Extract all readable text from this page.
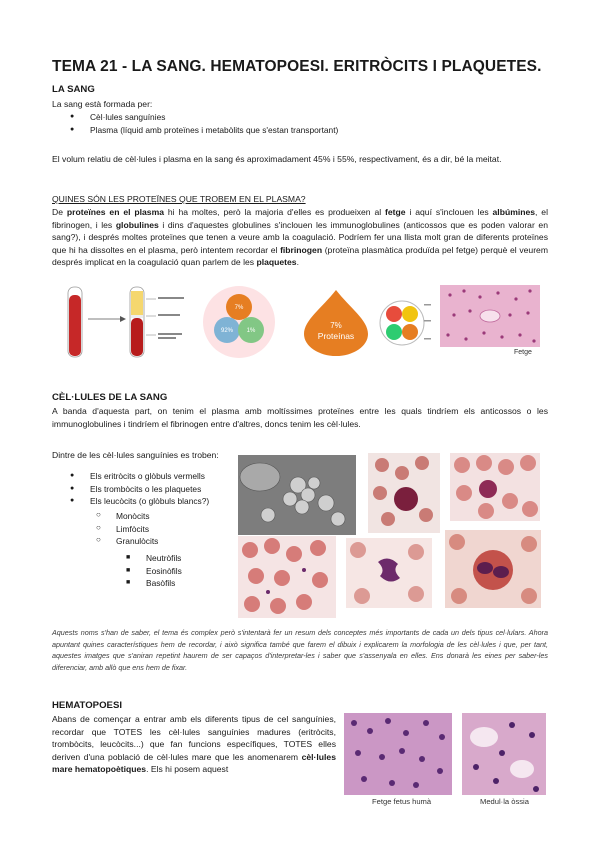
TEMA 21 - LA SANG. HEMATOPOESI. ERITRÒCITS I PLAQUETES.
LA SANG
La sang està formada per:
● Cèl·lules sanguínies
● Plasma (líquid amb proteïnes i metabòlits que s'estan transportant)
El volum relatiu de cèl·lules i plasma en la sang és aproximadament 45% i 55%, respectivament, és a dir, bé la meitat.
QUINES SÓN LES PROTEÏNES QUE TROBEM EN EL PLASMA?
De proteïnes en el plasma hi ha moltes, però la majoria d'elles es produeixen al fetge i aquí s'inclouen les albúmines, el fibrinogen, i les globulines i dins d'aquestes globulines s'inclouen les immunoglobulines (anticossos que es poden valorar en sang?), i després moltes proteïnes que tenen a veure amb la coagulació. Podríem fer una llista molt gran de diferents proteïnes que hi ha dissoltes en el plasma, però intentem recordar el fibrinogen (proteïna plasmàtica produïda pel fetge) perquè el veurem després implicat en la coagulació quan parlem de les plaquetes.
7%
92% 1%
7%
Proteínas
Fetge
CÈL·LULES DE LA SANG
A banda d'aquesta part, on tenim el plasma amb moltíssimes proteïnes entre les quals tindríem els anticossos o les immunoglobulines i tindríem el fibrinogen entre d'altres, doncs tenim les cèl·lules.
Dintre de les cèl·lules sanguínies es troben:
● Els eritròcits o glòbuls vermells
● Els trombòcits o les plaquetes
● Els leucòcits (o glòbuls blancs?)
○ Monòcits
○ Limfòcits
○ Granulòcits
■ Neutròfils
■ Eosinòfils
■ Basòfils
Aquests noms s'han de saber, el tema és complex però s'intentarà fer un resum dels conceptes més importants de cada un dels tipus cel·lulars. Ahora apuntant quines característiques hem de recordar, i això significa també que farem el dibuix i explicarem la morfologia de les cèl·lules i que, per tant, aquestes imatges que s'aniran repetint haurem de ser capaços d'interpretar-les i saber que s'assenyala en elles. Ens donarà les eines per saber-les diferenciar, amb allò que ens hem de fixar.
HEMATOPOESI
Abans de començar a entrar amb els diferents tipus de cel sanguínies, recordar que TOTES les cèl·lules sanguínies madures (eritròcits, trombòcits, leucòcits...) que fan funcions específiques, TOTES elles deriven d'una població de cèl·lules mare que les anomenarem cèl·lules mare hematopoètiques. Els hi posem aquest
Fetge fetus humà	Medul·la òssia
